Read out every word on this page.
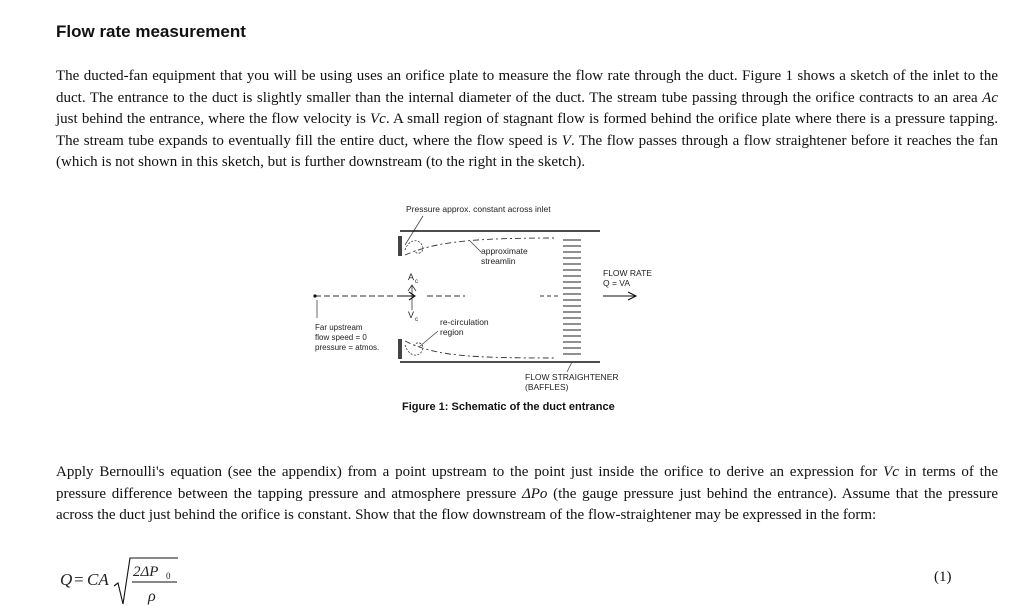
Flow rate measurement

The ducted-fan equipment that you will be using uses an orifice plate to measure the flow rate through the duct. Figure 1 shows a sketch of the inlet to the duct. The entrance to the duct is slightly smaller than the internal diameter of the duct. The stream tube passing through the orifice contracts to an area Ac just behind the entrance, where the flow velocity is Vc. A small region of stagnant flow is formed behind the orifice plate where there is a pressure tapping. The stream tube expands to eventually fill the entire duct, where the flow speed is V. The flow passes through a flow straightener before it reaches the fan (which is not shown in this sketch, but is further downstream (to the right in the sketch).

Pressure approx. constant across inlet
approximate
streamlin
A c
V c
Far upstream
flow speed = 0
pressure = atmos.
re-circulation
region
FLOW RATE
Q = VA
FLOW STRAIGHTENER
(BAFFLES)
Figure 1: Schematic of the duct entrance

Apply Bernoulli's equation (see the appendix) from a point upstream to the point just inside the orifice to derive an expression for Vc in terms of the pressure difference between the tapping pressure and atmosphere pressure ΔPo (the gauge pressure just behind the entrance). Assume that the pressure across the duct just behind the orifice is constant. Show that the flow downstream of the flow-straightener may be expressed in the form:

Q = CA 2ΔP 0
ρ
(1)
